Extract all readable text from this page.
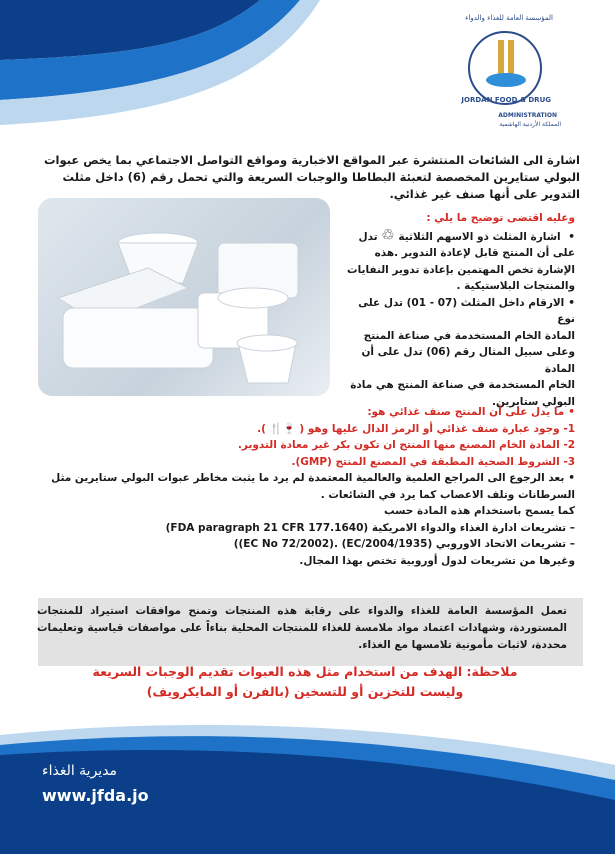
المؤسسة العامة للغذاء والدواء
ADMINISTRATION
المملكة الأردنية الهاشمية
JORDAN FOOD & DRUG
اشارة الى الشائعات المنتشرة عبر المواقع الاخبارية ومواقع التواصل الاجتماعي بما يخص عبوات البولي ستايرين المخصصة لتعبئة البطاطا والوجبات السريعة والتي تحمل رقم (6) داخل مثلث التدوير على أنها صنف غير غذائي.
وعليه اقتضى توضيح ما يلي :
• اشارة المثلث ذو الاسهم الثلاثية ♲ تدل
على أن المنتج قابل لإعادة التدوير .هذه
الإشارة تخص المهتمين بإعادة تدوير النفايات
والمنتجات البلاستيكية .
• الارقام داخل المثلث (07 - 01) تدل على نوع
المادة الخام المستخدمة في صناعة المنتج
وعلى سبيل المثال رقم (06) تدل على أن المادة
الخام المستخدمة في صناعة المنتج هي مادة
البولي ستايرين.
• ما يدل على أن المنتج صنف غذائي هو:
1- وجود عبارة صنف غذائي أو الرمز الدال عليها وهو ( 🍷🍴 ).
2- المادة الخام المصنع منها المنتج ان تكون بكر غير معادة التدوير.
3- الشروط الصحية المطبقة في المصنع المنتج (GMP).
• بعد الرجوع الى المراجع العلمية والعالمية المعتمدة لم يرد ما يثبت مخاطر عبوات البولي ستايرين مثل
السرطانات وتلف الاعصاب كما يرد في الشائعات .
كما يسمح باستخدام هذه المادة حسب
– تشريعات ادارة الغذاء والدواء الامريكية (FDA paragraph 21 CFR 177.1640)
– تشريعات الاتحاد الاوروبي (2004/1935/EC) .(EC No 72/2002))
وغيرها من تشريعات لدول أوروبية تختص بهذا المجال.
تعمل المؤسسة العامة للغذاء والدواء على رقابة هذه المنتجات وتمنح موافقات استيراد للمنتجات المستوردة، وشهادات اعتماد مواد ملامسة للغذاء للمنتجات المحلية بناءاً على مواصفات قياسية وتعليمات محددة، لاثبات مأمونية تلامسها مع الغذاء.
ملاحظة: الهدف من استخدام مثل هذه العبوات تقديم الوجبات السريعة
وليست للتخزين أو للتسخين (بالفرن أو المايكرويف)
مديرية الغذاء
www.jfda.jo
